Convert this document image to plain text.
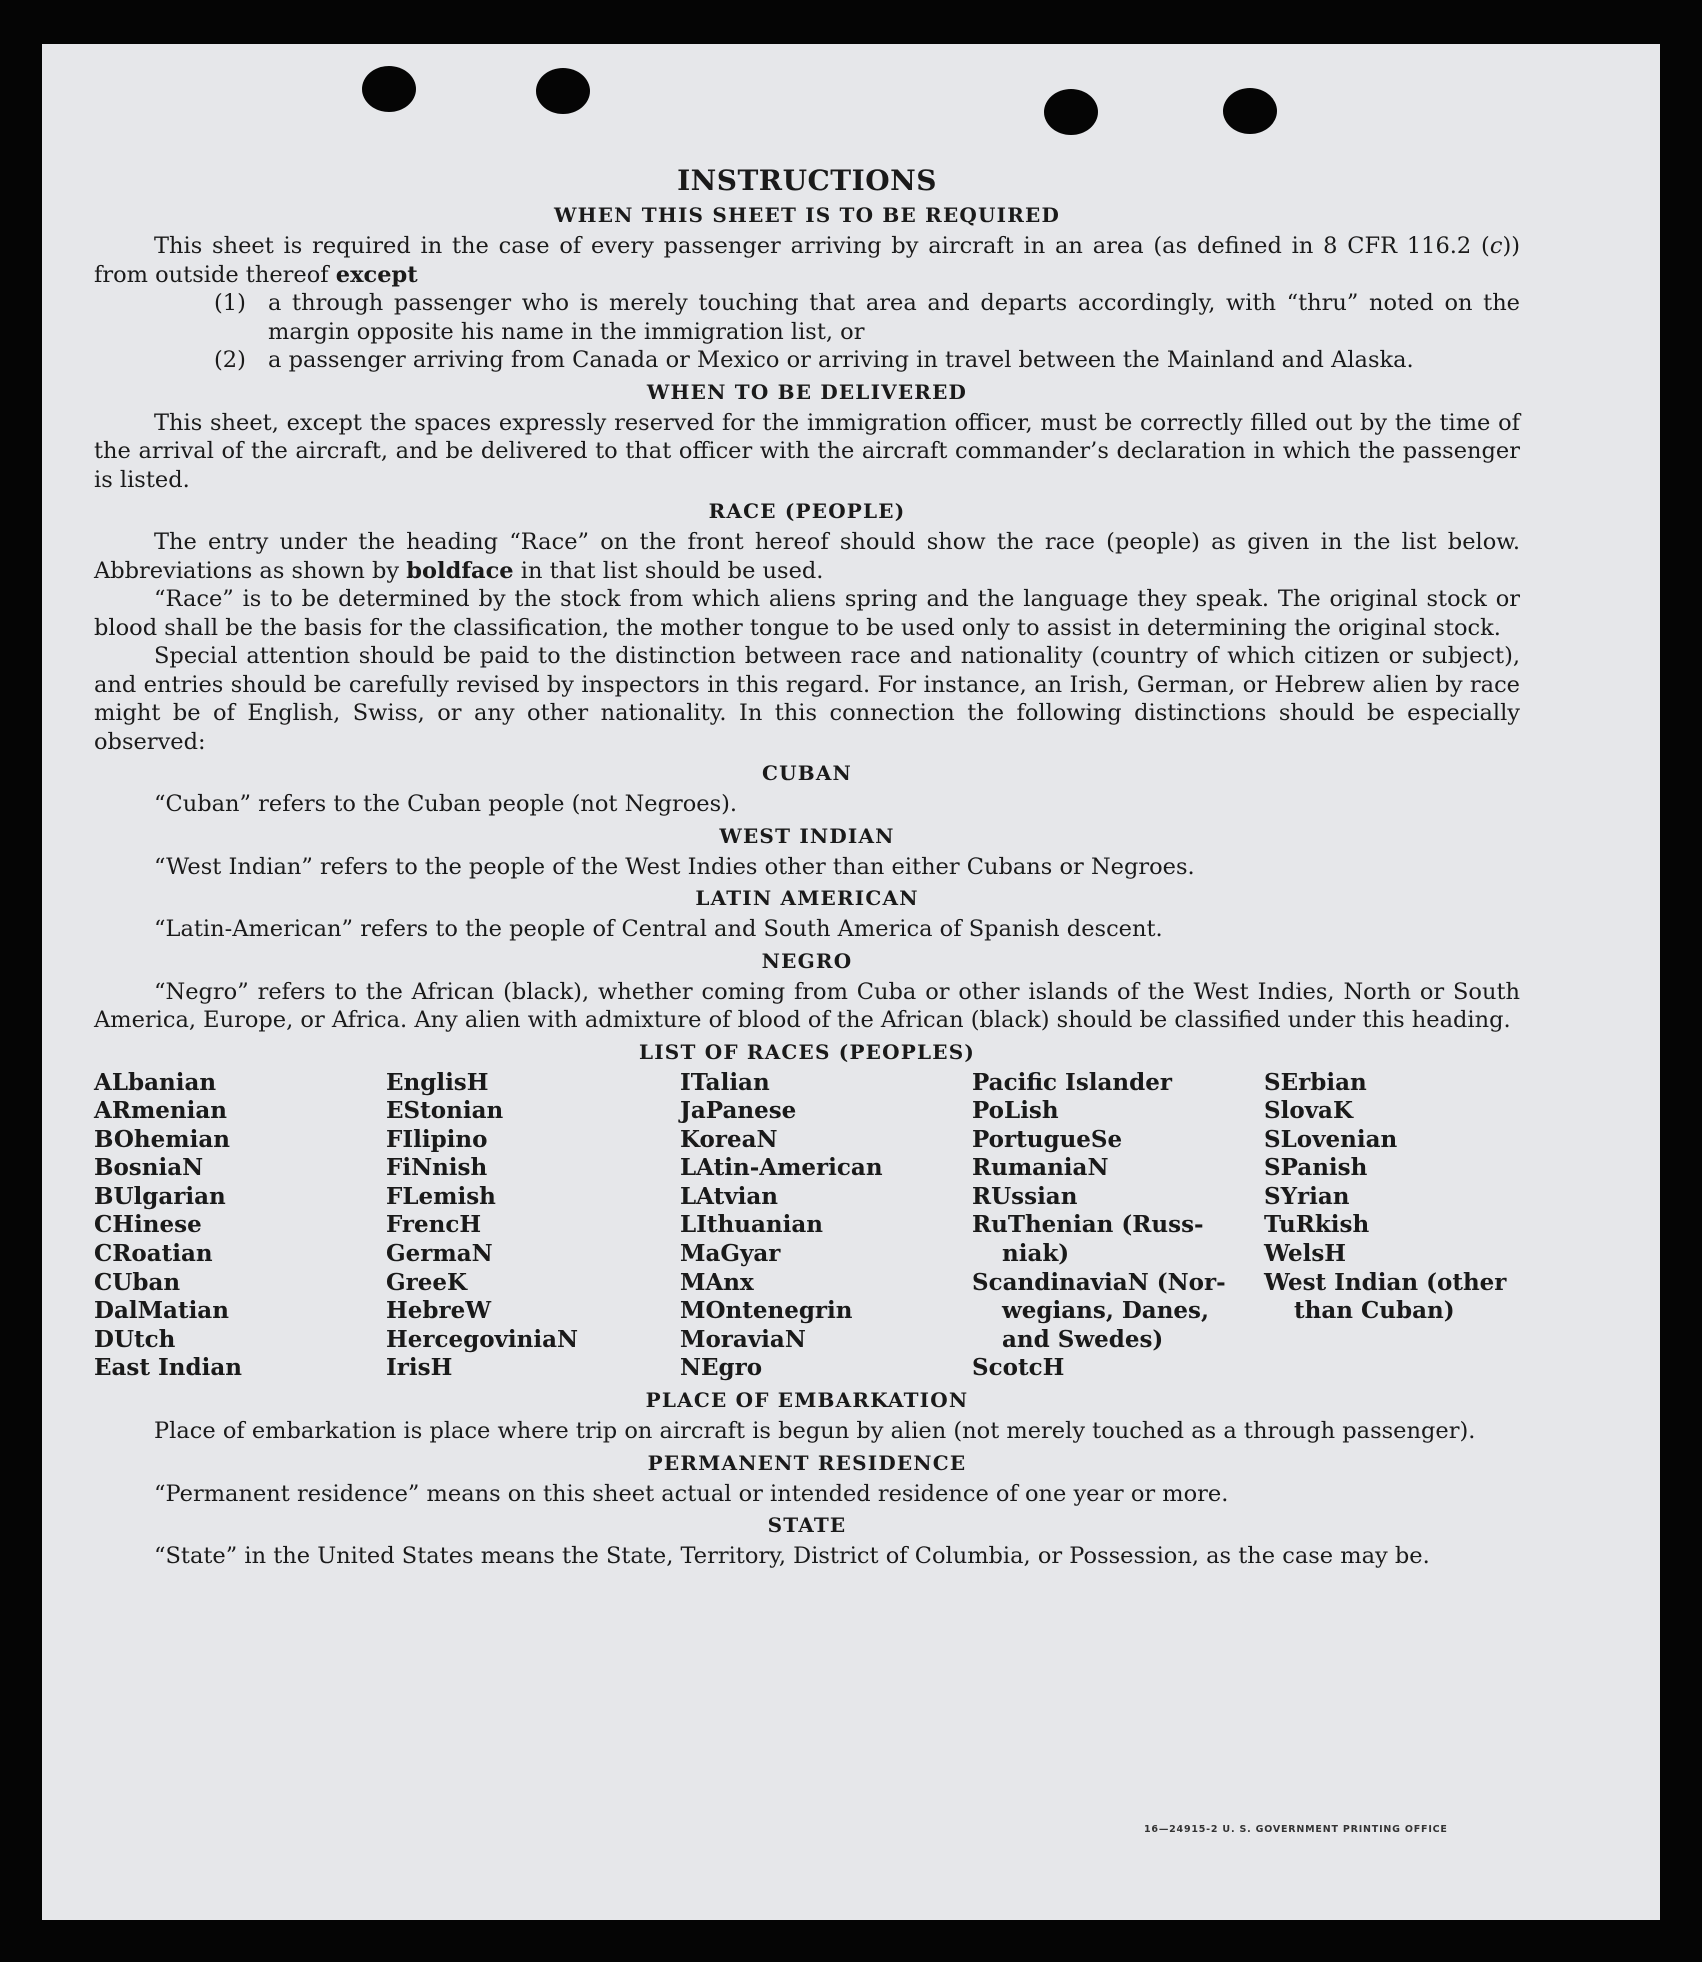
INSTRUCTIONS
WHEN THIS SHEET IS TO BE REQUIRED

This sheet is required in the case of every passenger arriving by aircraft in an area (as defined in 8 CFR 116.2 (c)) from outside thereof except

(1) a through passenger who is merely touching that area and departs accordingly, with “thru” noted on the margin opposite his name in the immigration list, or
(2) a passenger arriving from Canada or Mexico or arriving in travel between the Mainland and Alaska.
WHEN TO BE DELIVERED

This sheet, except the spaces expressly reserved for the immigration officer, must be correctly filled out by the time of the arrival of the aircraft, and be delivered to that officer with the aircraft commander’s declaration in which the passenger is listed.

RACE (PEOPLE)

The entry under the heading “Race” on the front hereof should show the race (people) as given in the list below. Abbreviations as shown by boldface in that list should be used.

“Race” is to be determined by the stock from which aliens spring and the language they speak. The original stock or blood shall be the basis for the classification, the mother tongue to be used only to assist in determining the original stock.

Special attention should be paid to the distinction between race and nationality (country of which citizen or subject), and entries should be carefully revised by inspectors in this regard. For instance, an Irish, German, or Hebrew alien by race might be of English, Swiss, or any other nationality. In this connection the following distinctions should be especially observed:

CUBAN

“Cuban” refers to the Cuban people (not Negroes).

WEST INDIAN

“West Indian” refers to the people of the West Indies other than either Cubans or Negroes.

LATIN AMERICAN

“Latin-American” refers to the people of Central and South America of Spanish descent.

NEGRO

“Negro” refers to the African (black), whether coming from Cuba or other islands of the West Indies, North or South America, Europe, or Africa. Any alien with admixture of blood of the African (black) should be classified under this heading.

LIST OF RACES (PEOPLES)
ALbanian
ARmenian
BOhemian
BosniaN
BUlgarian
CHinese
CRoatian
CUban
DalMatian
DUtch
East Indian
EnglisH
EStonian
FIlipino
FiNnish
FLemish
FrencH
GermaN
GreeK
HebreW
HercegoviniaN
IrisH
ITalian
JaPanese
KoreaN
LAtin-American
LAtvian
LIthuanian
MaGyar
MAnx
MOntenegrin
MoraviaN
NEgro
Pacific Islander
PoLish
PortugueSe
RumaniaN
RUssian
RuThenian (Russ-
niak)
ScandinaviaN (Nor-
wegians, Danes,
and Swedes)
ScotcH
SErbian
SlovaK
SLovenian
SPanish
SYrian
TuRkish
WelsH
West Indian (other
than Cuban)
PLACE OF EMBARKATION

Place of embarkation is place where trip on aircraft is begun by alien (not merely touched as a through passenger).

PERMANENT RESIDENCE

“Permanent residence” means on this sheet actual or intended residence of one year or more.

STATE

“State” in the United States means the State, Territory, District of Columbia, or Possession, as the case may be.

16—24915-2 U. S. GOVERNMENT PRINTING OFFICE
